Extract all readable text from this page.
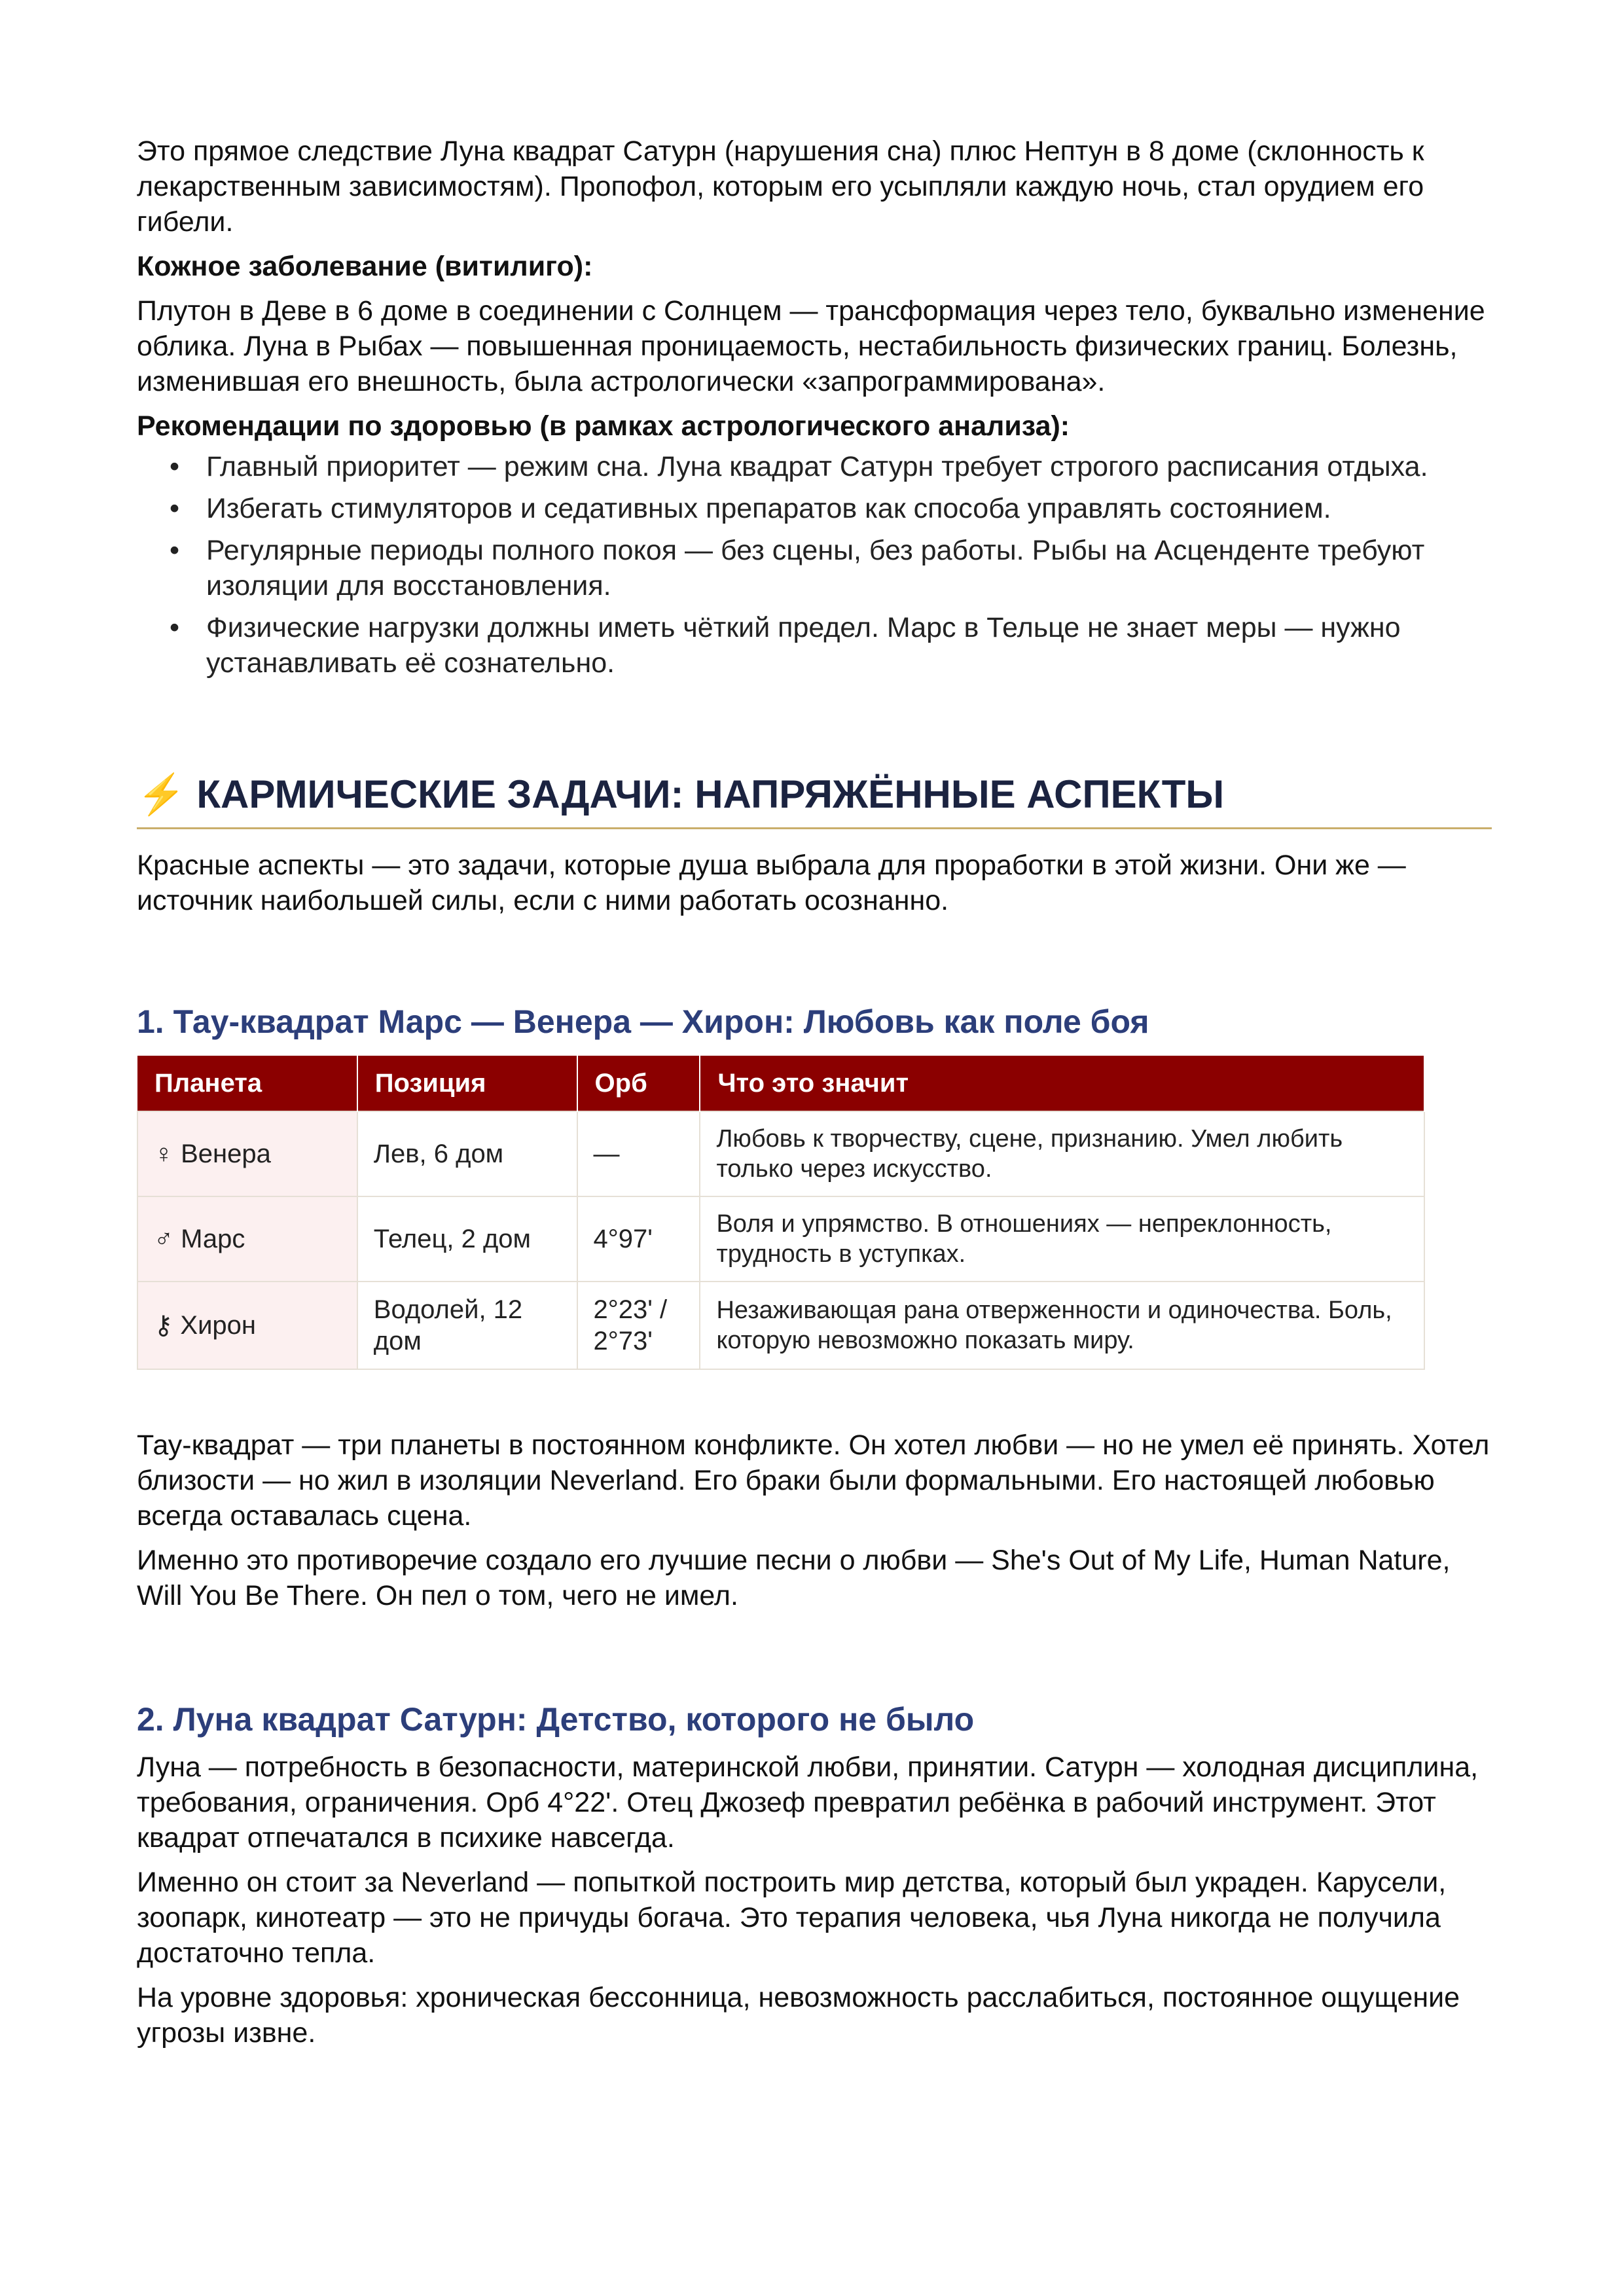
Это прямое следствие Луна квадрат Сатурн (нарушения сна) плюс Нептун в 8 доме (склонность к лекарственным зависимостям). Пропофол, которым его усыпляли каждую ночь, стал орудием его гибели.

Кожное заболевание (витилиго):

Плутон в Деве в 6 доме в соединении с Солнцем — трансформация через тело, буквально изменение облика. Луна в Рыбах — повышенная проницаемость, нестабильность физических границ. Болезнь, изменившая его внешность, была астрологически «запрограммирована».

Рекомендации по здоровью (в рамках астрологического анализа):

• Главный приоритет — режим сна. Луна квадрат Сатурн требует строгого расписания отдыха.
• Избегать стимуляторов и седативных препаратов как способа управлять состоянием.
• Регулярные периоды полного покоя — без сцены, без работы. Рыбы на Асценденте требуют изоляции для восстановления.
• Физические нагрузки должны иметь чёткий предел. Марс в Тельце не знает меры — нужно устанавливать её сознательно.
⚡ КАРМИЧЕСКИЕ ЗАДАЧИ: НАПРЯЖЁННЫЕ АСПЕКТЫ

Красные аспекты — это задачи, которые душа выбрала для проработки в этой жизни. Они же — источник наибольшей силы, если с ними работать осознанно.

1. Тау-квадрат Марс — Венера — Хирон: Любовь как поле боя
Планета	Позиция	Орб	Что это значит
♀ Венера	Лев, 6 дом	—	Любовь к творчеству, сцене, признанию. Умел любить только через искусство.
♂ Марс	Телец, 2 дом	4°97'	Воля и упрямство. В отношениях — непреклонность, трудность в уступках.
⚷ Хирон	Водолей, 12 дом	2°23' / 2°73'	Незаживающая рана отверженности и одиночества. Боль, которую невозможно показать миру.

Тау-квадрат — три планеты в постоянном конфликте. Он хотел любви — но не умел её принять. Хотел близости — но жил в изоляции Neverland. Его браки были формальными. Его настоящей любовью всегда оставалась сцена.

Именно это противоречие создало его лучшие песни о любви — She's Out of My Life, Human Nature, Will You Be There. Он пел о том, чего не имел.

2. Луна квадрат Сатурн: Детство, которого не было

Луна — потребность в безопасности, материнской любви, принятии. Сатурн — холодная дисциплина, требования, ограничения. Орб 4°22'. Отец Джозеф превратил ребёнка в рабочий инструмент. Этот квадрат отпечатался в психике навсегда.

Именно он стоит за Neverland — попыткой построить мир детства, который был украден. Карусели, зоопарк, кинотеатр — это не причуды богача. Это терапия человека, чья Луна никогда не получила достаточно тепла.

На уровне здоровья: хроническая бессонница, невозможность расслабиться, постоянное ощущение угрозы извне.
